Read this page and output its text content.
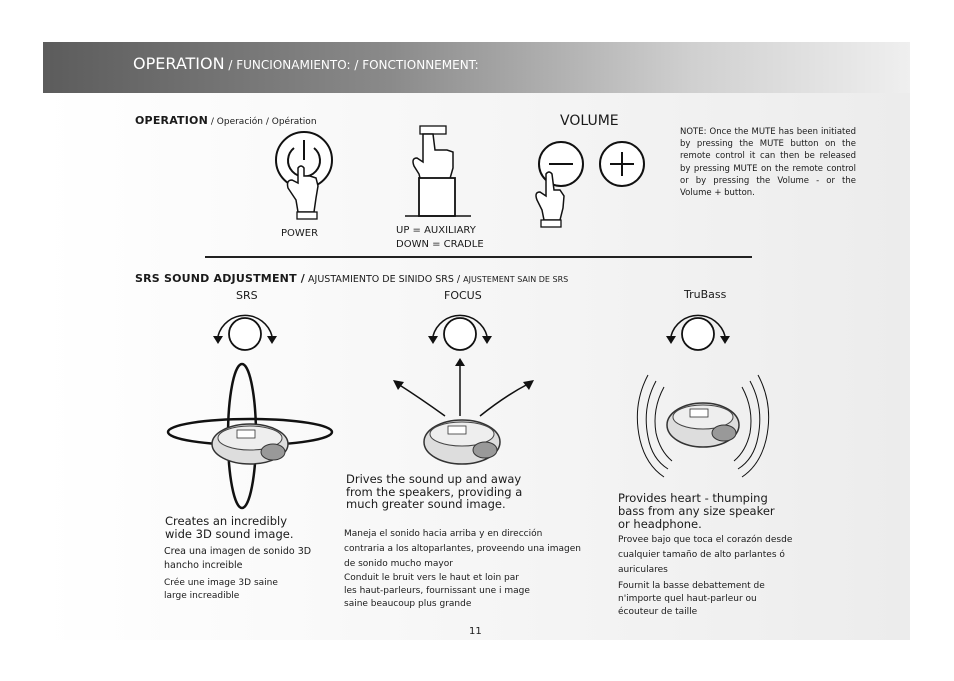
OPERATION / FUNCIONAMIENTO: / FONCTIONNEMENT:
OPERATION / Operación / Opération
POWER	UP = AUXILIARY
DOWN = CRADLE
VOLUME
NOTE: Once the MUTE has been initiated by pressing the MUTE button on the remote control it can then be released by pressing MUTE on the remote control or by pressing the Volume - or the Volume + button.
SRS SOUND ADJUSTMENT / AJUSTAMIENTO DE SINIDO SRS / AJUSTEMENT SAIN DE SRS
SRS	FOCUS	TruBass
Creates an incredibly wide 3D sound image.
Crea una imagen de sonido 3D hancho increible
Crée une image 3D saine large increadible
Drives the sound up and away from the speakers, providing a much greater sound image.
Maneja el sonido hacia arriba y en dirección contraria a los altoparlantes, proveendo una imagen de sonido mucho mayor
Conduit le bruit vers le haut et loin par les haut-parleurs, fournissant une i mage saine beaucoup plus grande
Provides heart - thumping bass from any size speaker or headphone.
Provee bajo que toca el corazón desde cualquier tamaño de alto parlantes ó auriculares
Fournit la basse debattement de n'importe quel haut-parleur ou écouteur de taille
11
